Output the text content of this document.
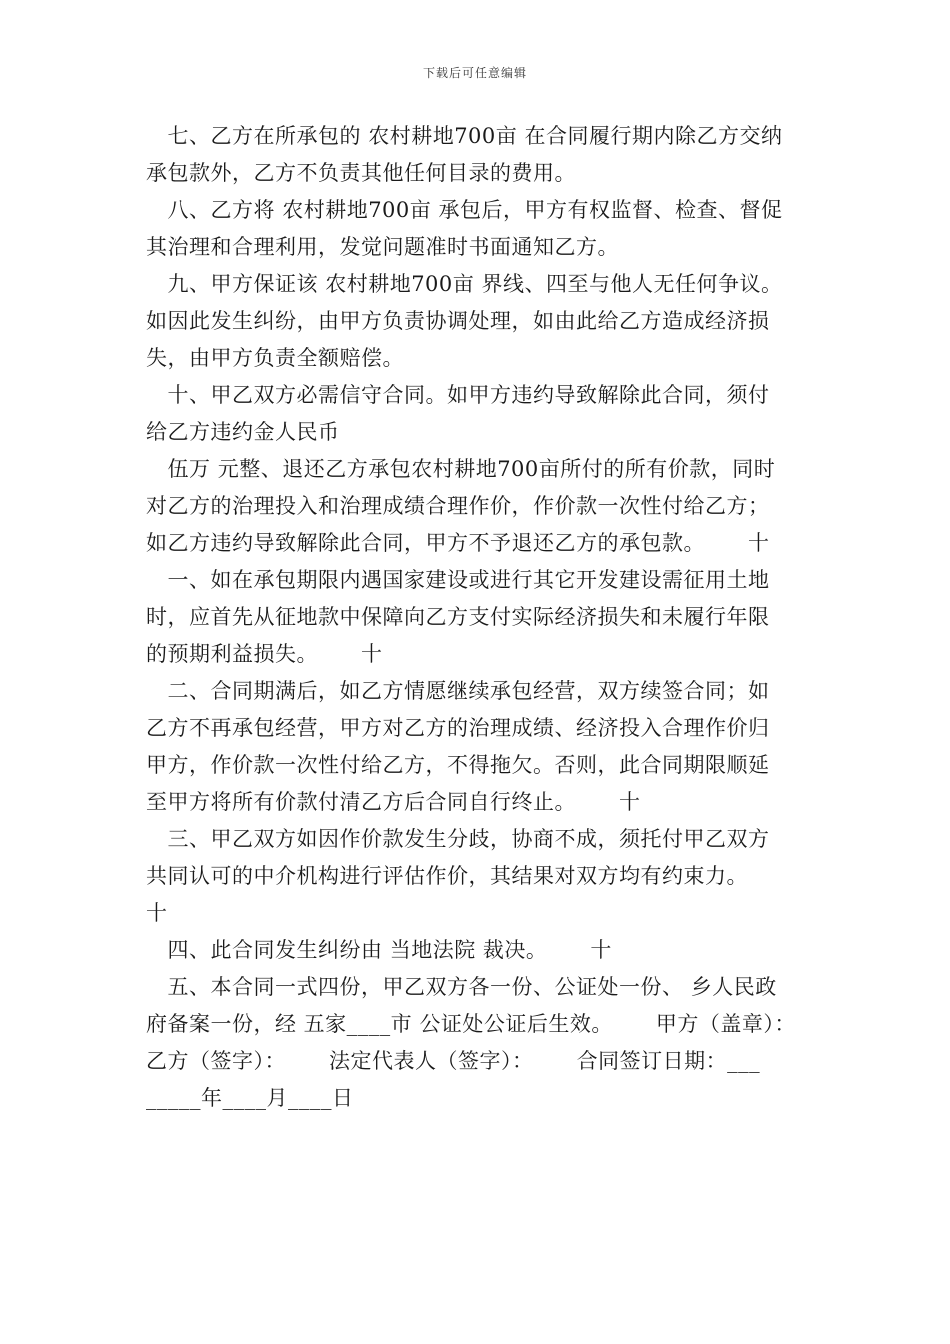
下载后可任意编辑
七、乙方在所承包的 农村耕地700亩 在合同履行期内除乙方交纳
承包款外，乙方不负责其他任何目录的费用。
八、乙方将 农村耕地700亩 承包后，甲方有权监督、检查、督促
其治理和合理利用，发觉问题准时书面通知乙方。
九、甲方保证该 农村耕地700亩 界线、四至与他人无任何争议。
如因此发生纠纷，由甲方负责协调处理，如由此给乙方造成经济损
失，由甲方负责全额赔偿。
十、甲乙双方必需信守合同。如甲方违约导致解除此合同，须付
给乙方违约金人民币
伍万 元整、退还乙方承包农村耕地700亩所付的所有价款，同时
对乙方的治理投入和治理成绩合理作价，作价款一次性付给乙方；
如乙方违约导致解除此合同，甲方不予退还乙方的承包款。      十
一、如在承包期限内遇国家建设或进行其它开发建设需征用土地
时，应首先从征地款中保障向乙方支付实际经济损失和未履行年限
的预期利益损失。      十
二、合同期满后，如乙方情愿继续承包经营，双方续签合同；如
乙方不再承包经营，甲方对乙方的治理成绩、经济投入合理作价归
甲方，作价款一次性付给乙方，不得拖欠。否则，此合同期限顺延
至甲方将所有价款付清乙方后合同自行终止。      十
三、甲乙双方如因作价款发生分歧，协商不成，须托付甲乙双方
共同认可的中介机构进行评估作价，其结果对双方均有约束力。
十
四、此合同发生纠纷由 当地法院 裁决。      十
五、本合同一式四份，甲乙双方各一份、公证处一份、 乡人民政
府备案一份，经 五家____市 公证处公证后生效。      甲方（盖章）：
乙方（签字）：      法定代表人（签字）：      合同签订日期：___
_____年____月____日
